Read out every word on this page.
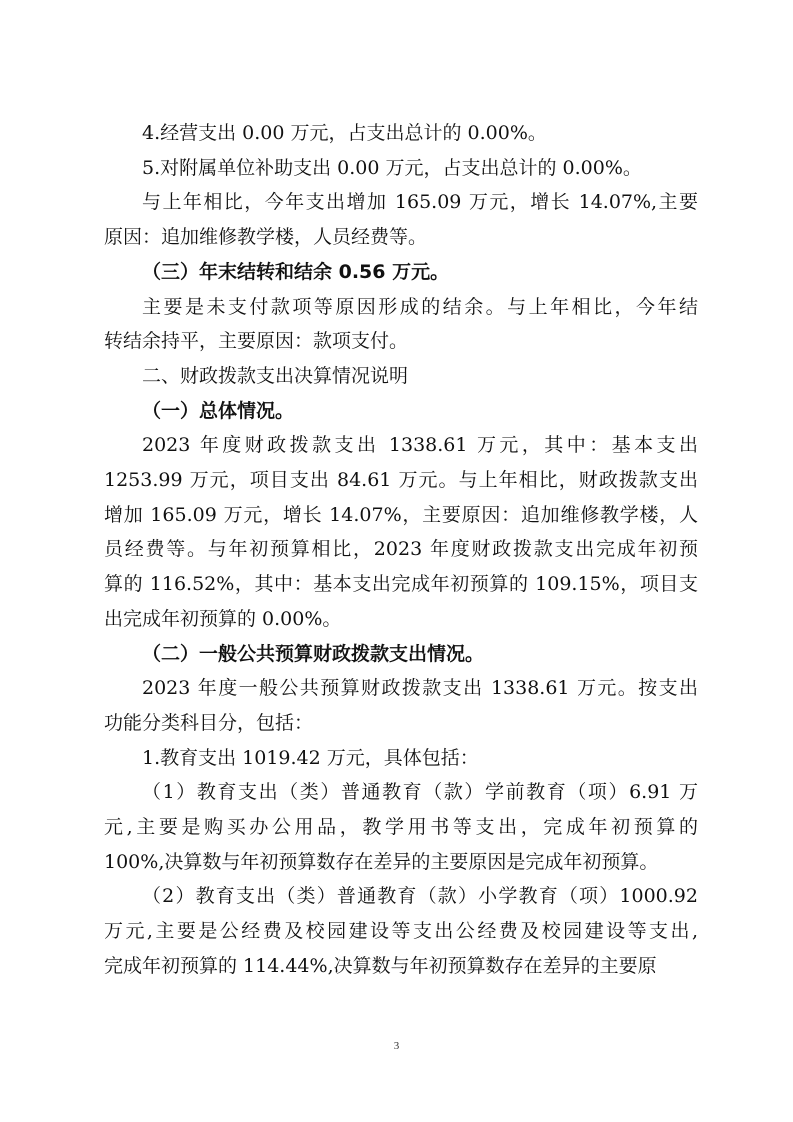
4.经营支出 0.00 万元，占支出总计的 0.00%。
5.对附属单位补助支出 0.00 万元，占支出总计的 0.00%。
与上年相比，今年支出增加 165.09 万元，增长 14.07%,主要
原因：追加维修教学楼，人员经费等。
（三）年末结转和结余 0.56 万元。
主要是未支付款项等原因形成的结余。与上年相比，今年结
转结余持平，主要原因：款项支付。
二、财政拨款支出决算情况说明
（一）总体情况。
2023 年度财政拨款支出 1338.61 万元，其中：基本支出
1253.99 万元，项目支出 84.61 万元。与上年相比，财政拨款支出
增加 165.09 万元，增长 14.07%，主要原因：追加维修教学楼，人
员经费等。与年初预算相比，2023 年度财政拨款支出完成年初预
算的 116.52%，其中：基本支出完成年初预算的 109.15%，项目支
出完成年初预算的 0.00%。
（二）一般公共预算财政拨款支出情况。
2023 年度一般公共预算财政拨款支出 1338.61 万元。按支出
功能分类科目分，包括：
1.教育支出 1019.42 万元，具体包括：
（1）教育支出（类）普通教育（款）学前教育（项）6.91 万
元,主要是购买办公用品，教学用书等支出，完成年初预算的
100%,决算数与年初预算数存在差异的主要原因是完成年初预算。
（2）教育支出（类）普通教育（款）小学教育（项）1000.92
万元,主要是公经费及校园建设等支出公经费及校园建设等支出,
完成年初预算的 114.44%,决算数与年初预算数存在差异的主要原
3
